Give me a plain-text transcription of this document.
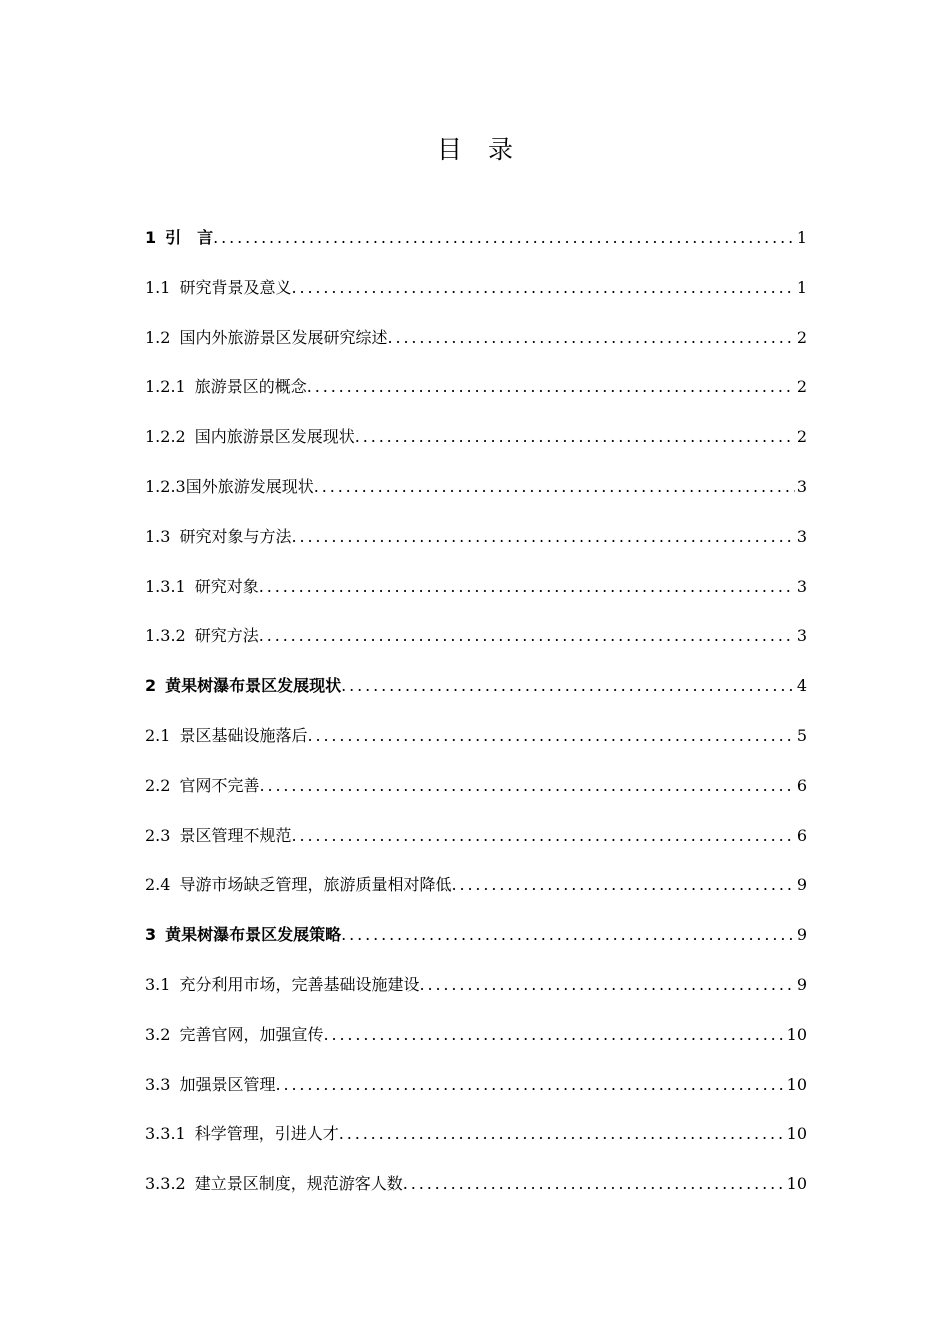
目录
1 引　言 .....	1
1.1 研究背景及意义 .....	1
1.2 国内外旅游景区发展研究综述 .....	2
1.2.1 旅游景区的概念 .....	2
1.2.2 国内旅游景区发展现状 .....	2
1.2.3国外旅游发展现状 .....	3
1.3 研究对象与方法 .....	3
1.3.1 研究对象 .....	3
1.3.2 研究方法 .....	3
2 黄果树瀑布景区发展现状 .....	4
2.1 景区基础设施落后 .....	5
2.2 官网不完善 .....	6
2.3 景区管理不规范 .....	6
2.4 导游市场缺乏管理，旅游质量相对降低 .....	9
3 黄果树瀑布景区发展策略 .....	9
3.1 充分利用市场，完善基础设施建设 .....	9
3.2 完善官网，加强宣传 .....	10
3.3 加强景区管理 .....	10
3.3.1 科学管理，引进人才 .....	10
3.3.2 建立景区制度，规范游客人数 .....	10
